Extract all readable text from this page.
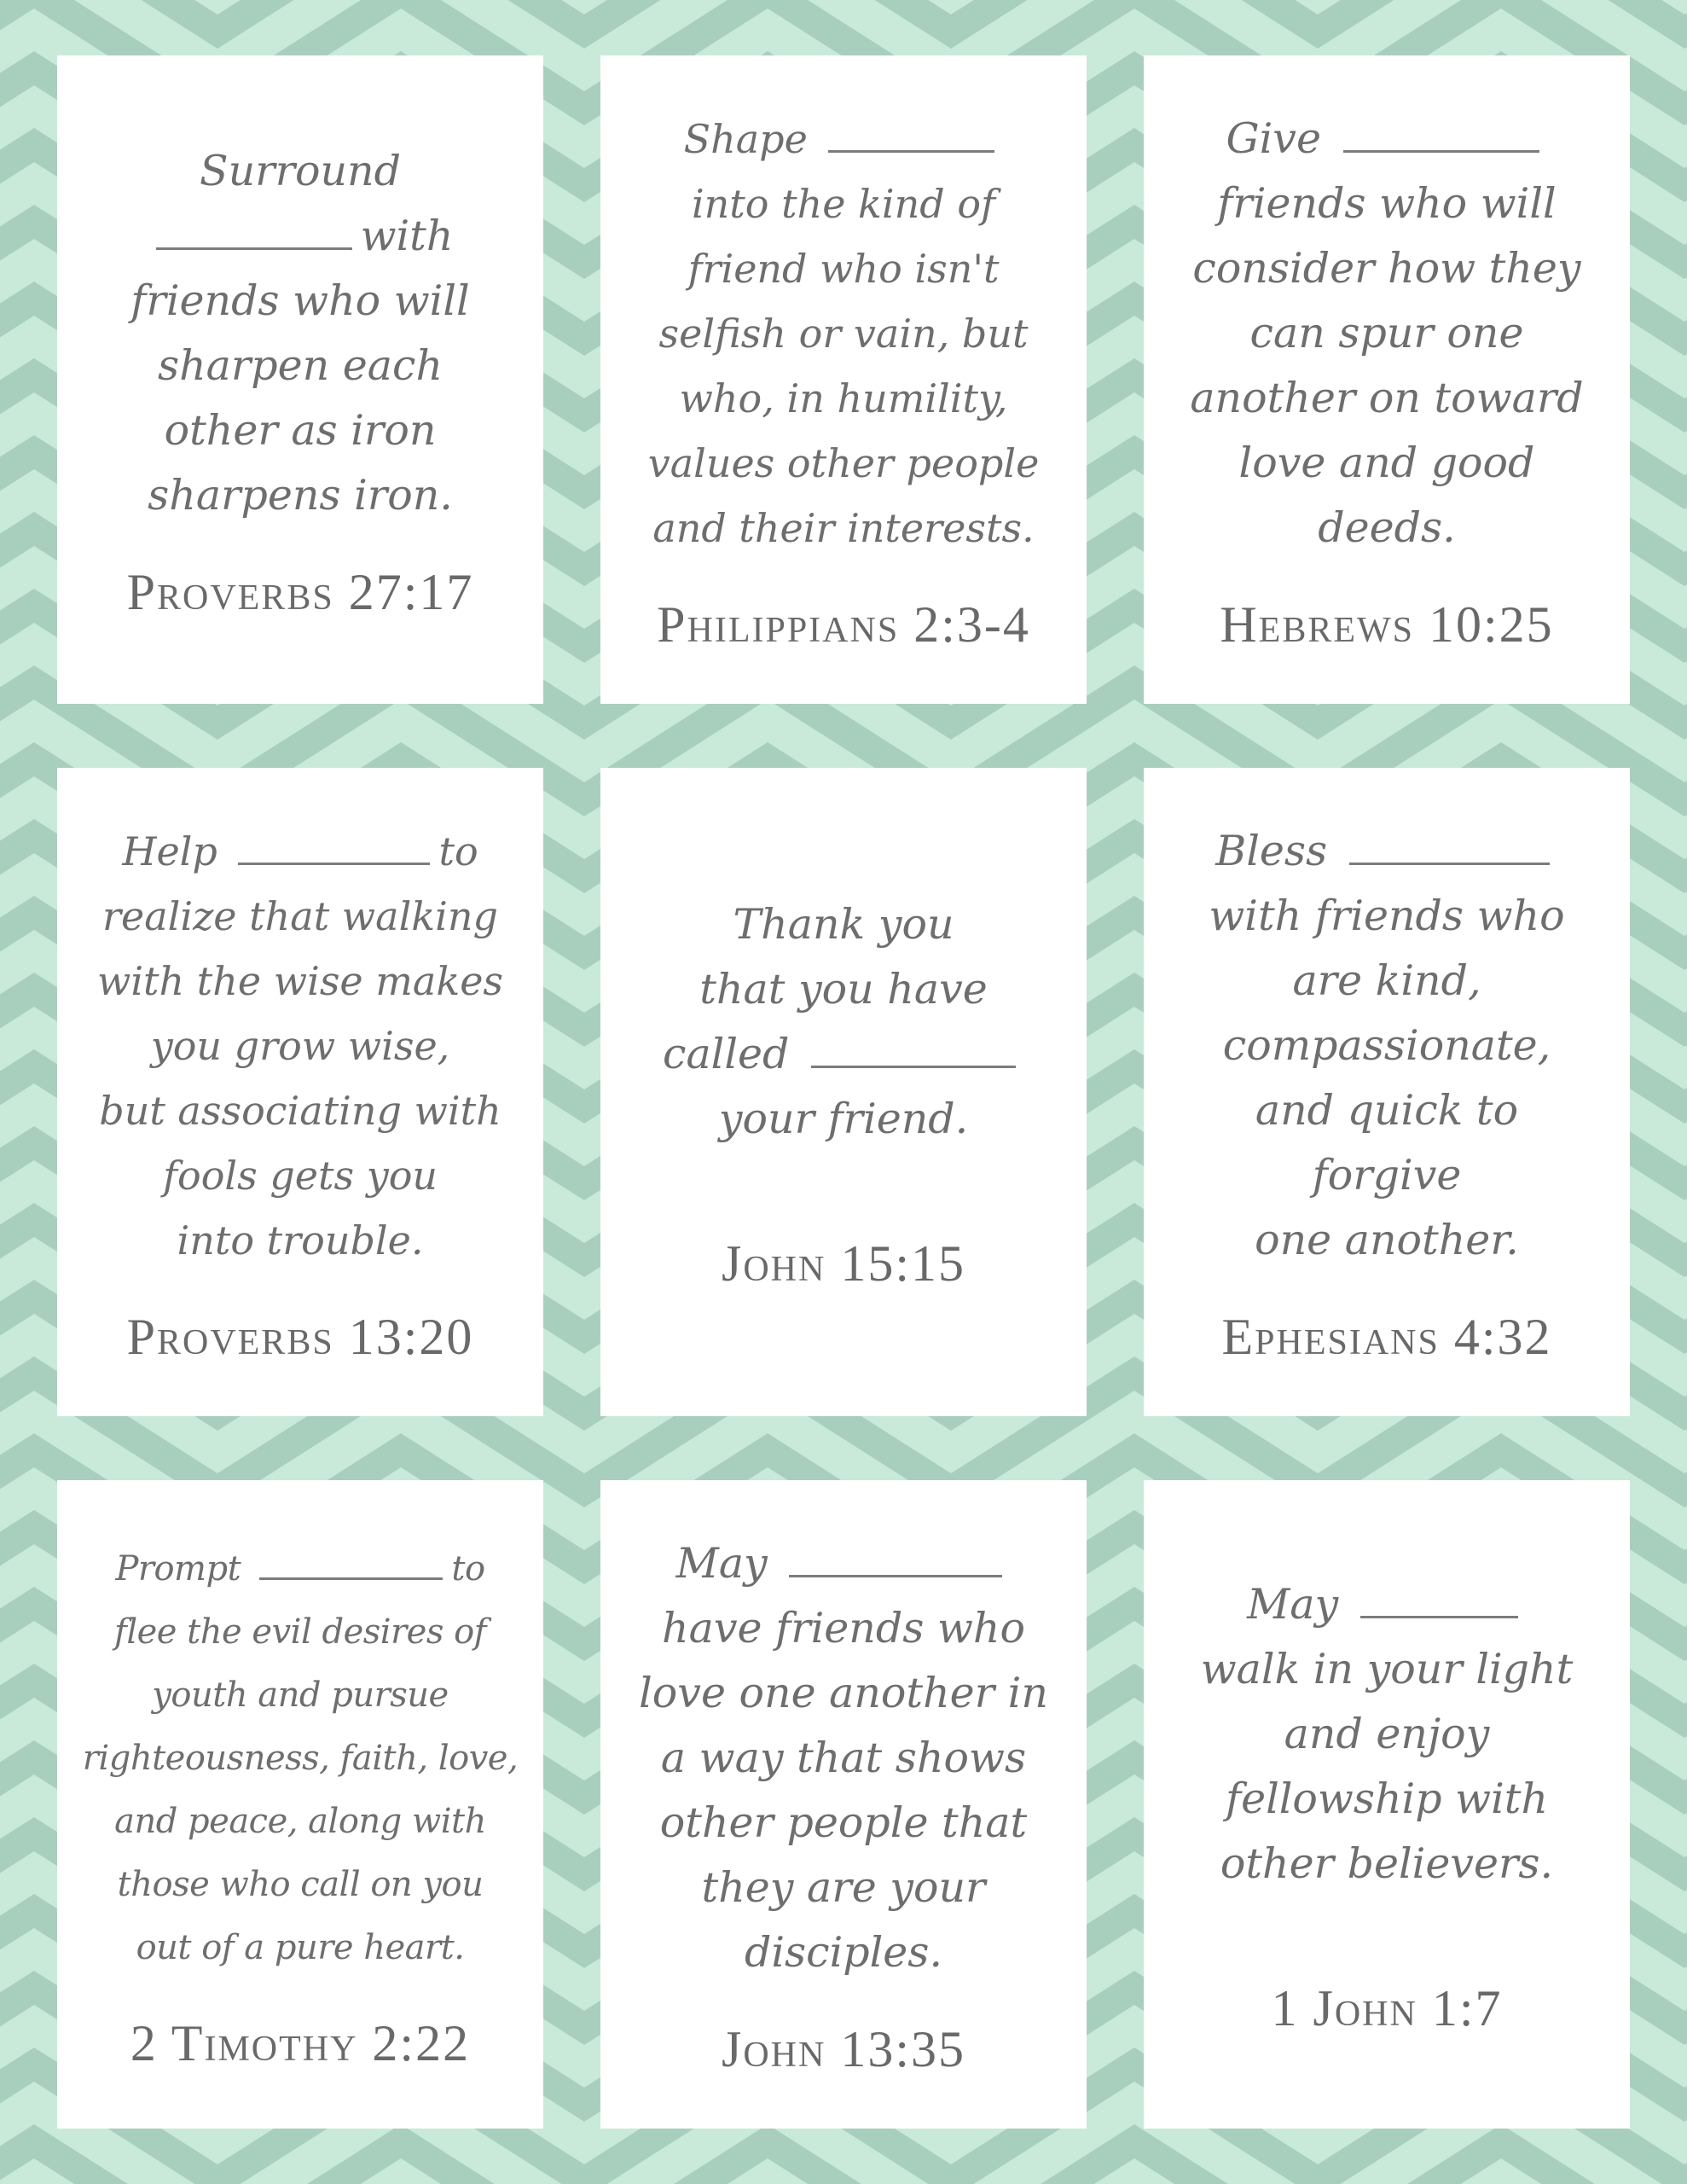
Surround
with
friends who will
sharpen each
other as iron
sharpens iron.
Proverbs 27:17
Shape
into the kind of
friend who isn't
selfish or vain, but
who, in humility,
values other people
and their interests.
Philippians 2:3-4
Give
friends who will
consider how they
can spur one
another on toward
love and good
deeds.
Hebrews 10:25
Help	to
realize that walking
with the wise makes
you grow wise,
but associating with
fools gets you
into trouble.
Proverbs 13:20
Thank you
that you have
called
your friend.
John 15:15
Bless
with friends who
are kind,
compassionate,
and quick to
forgive
one another.
Ephesians 4:32
Prompt	to
flee the evil desires of
youth and pursue
righteousness, faith, love,
and peace, along with
those who call on you
out of a pure heart.
2 Timothy 2:22
May
have friends who
love one another in
a way that shows
other people that
they are your
disciples.
John 13:35
May
walk in your light
and enjoy
fellowship with
other believers.
1 John 1:7
